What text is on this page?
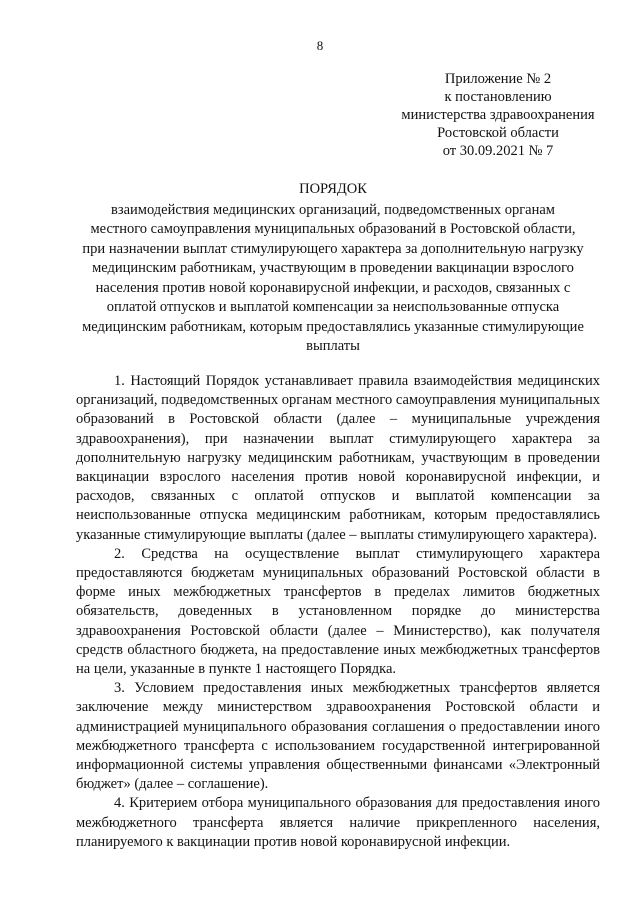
8
Приложение № 2
к постановлению
министерства здравоохранения
Ростовской области
от 30.09.2021 № 7
ПОРЯДОК
взаимодействия медицинских организаций, подведомственных органам местного самоуправления муниципальных образований в Ростовской области, при назначении выплат стимулирующего характера за дополнительную нагрузку медицинским работникам, участвующим в проведении вакцинации взрослого населения против новой коронавирусной инфекции, и расходов, связанных с оплатой отпусков и выплатой компенсации за неиспользованные отпуска медицинским работникам, которым предоставлялись указанные стимулирующие выплаты

1. Настоящий Порядок устанавливает правила взаимодействия медицинских организаций, подведомственных органам местного самоуправления муниципальных образований в Ростовской области (далее – муниципальные учреждения здравоохранения), при назначении выплат стимулирующего характера за дополнительную нагрузку медицинским работникам, участвующим в проведении вакцинации взрослого населения против новой коронавирусной инфекции, и расходов, связанных с оплатой отпусков и выплатой компенсации за неиспользованные отпуска медицинским работникам, которым предоставлялись указанные стимулирующие выплаты (далее – выплаты стимулирующего характера).

2. Средства на осуществление выплат стимулирующего характера предоставляются бюджетам муниципальных образований Ростовской области в форме иных межбюджетных трансфертов в пределах лимитов бюджетных обязательств, доведенных в установленном порядке до министерства здравоохранения Ростовской области (далее – Министерство), как получателя средств областного бюджета, на предоставление иных межбюджетных трансфертов на цели, указанные в пункте 1 настоящего Порядка.

3. Условием предоставления иных межбюджетных трансфертов является заключение между министерством здравоохранения Ростовской области и администрацией муниципального образования соглашения о предоставлении иного межбюджетного трансферта с использованием государственной интегрированной информационной системы управления общественными финансами «Электронный бюджет» (далее – соглашение).

4. Критерием отбора муниципального образования для предоставления иного межбюджетного трансферта является наличие прикрепленного населения, планируемого к вакцинации против новой коронавирусной инфекции.
